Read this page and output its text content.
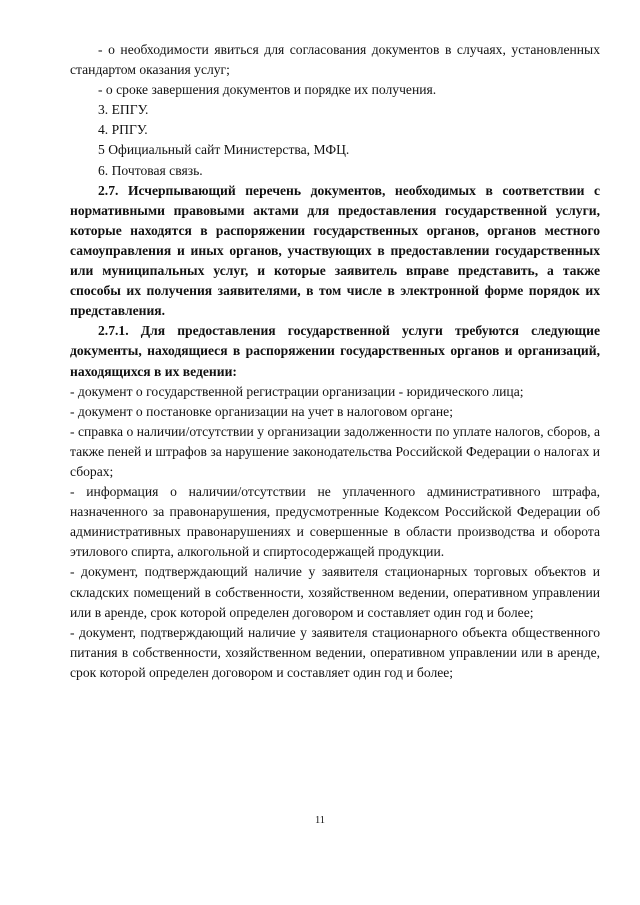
- о необходимости явиться для согласования документов в случаях, установленных стандартом оказания услуг;

- о сроке завершения документов и порядке их получения.

3. ЕПГУ.

4. РПГУ.

5 Официальный сайт Министерства, МФЦ.

6. Почтовая связь.

2.7. Исчерпывающий перечень документов, необходимых в соответствии с нормативными правовыми актами для предоставления государственной услуги, которые находятся в распоряжении государственных органов, органов местного самоуправления и иных органов, участвующих в предоставлении государственных или муниципальных услуг, и которые заявитель вправе представить, а также способы их получения заявителями, в том числе в электронной форме порядок их представления.

2.7.1. Для предоставления государственной услуги требуются следующие документы, находящиеся в распоряжении государственных органов и организаций, находящихся в их ведении:

- документ о государственной регистрации организации - юридического лица;

- документ о постановке организации на учет в налоговом органе;

- справка о наличии/отсутствии у организации задолженности по уплате налогов, сборов, а также пеней и штрафов за нарушение законодательства Российской Федерации о налогах и сборах;

- информация о наличии/отсутствии не уплаченного административного штрафа, назначенного за правонарушения, предусмотренные Кодексом Российской Федерации об административных правонарушениях и совершенные в области производства и оборота этилового спирта, алкогольной и спиртосодержащей продукции.

- документ, подтверждающий наличие у заявителя стационарных торговых объектов и складских помещений в собственности, хозяйственном ведении, оперативном управлении или в аренде, срок которой определен договором и составляет один год и более;

- документ, подтверждающий наличие у заявителя стационарного объекта общественного питания в собственности, хозяйственном ведении, оперативном управлении или в аренде, срок которой определен договором и составляет один год и более;

11
